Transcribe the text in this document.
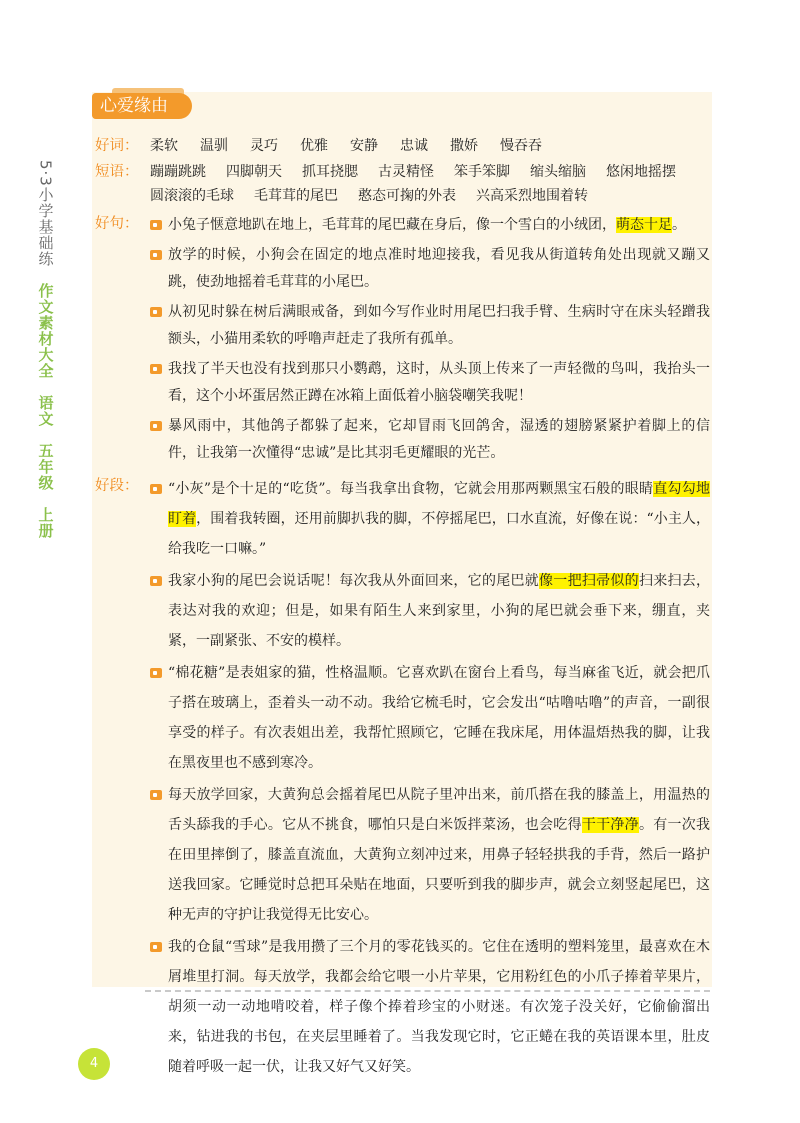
5·3小学基础练
作文素材大全
语文
五年级
上册
心爱缘由
好词： 柔软 温驯 灵巧 优雅 安静 忠诚 撒娇 慢吞吞
短语： 蹦蹦跳跳 四脚朝天 抓耳挠腮 古灵精怪 笨手笨脚 缩头缩脑 悠闲地摇摆
圆滚滚的毛球 毛茸茸的尾巴 憨态可掬的外表 兴高采烈地围着转
好句：	小兔子惬意地趴在地上，毛茸茸的尾巴藏在身后，像一个雪白的小绒团，萌态十足。
放学的时候，小狗会在固定的地点准时地迎接我，看见我从街道转角处出现就又蹦又跳，使劲地摇着毛茸茸的小尾巴。
从初见时躲在树后满眼戒备，到如今写作业时用尾巴扫我手臂、生病时守在床头轻蹭我额头，小猫用柔软的呼噜声赶走了我所有孤单。
我找了半天也没有找到那只小鹦鹉，这时，从头顶上传来了一声轻微的鸟叫，我抬头一看，这个小坏蛋居然正蹲在冰箱上面低着小脑袋嘲笑我呢！
暴风雨中，其他鸽子都躲了起来，它却冒雨飞回鸽舍，湿透的翅膀紧紧护着脚上的信件，让我第一次懂得“忠诚”是比其羽毛更耀眼的光芒。
好段：	“小灰”是个十足的“吃货”。每当我拿出食物，它就会用那两颗黑宝石般的眼睛直勾勾地盯着，围着我转圈，还用前脚扒我的脚，不停摇尾巴，口水直流，好像在说：“小主人，给我吃一口嘛。”
我家小狗的尾巴会说话呢！每次我从外面回来，它的尾巴就像一把扫帚似的扫来扫去，表达对我的欢迎；但是，如果有陌生人来到家里，小狗的尾巴就会垂下来，绷直，夹紧，一副紧张、不安的模样。
“棉花糖”是表姐家的猫，性格温顺。它喜欢趴在窗台上看鸟，每当麻雀飞近，就会把爪子搭在玻璃上，歪着头一动不动。我给它梳毛时，它会发出“咕噜咕噜”的声音，一副很享受的样子。有次表姐出差，我帮忙照顾它，它睡在我床尾，用体温焐热我的脚，让我在黑夜里也不感到寒冷。
每天放学回家，大黄狗总会摇着尾巴从院子里冲出来，前爪搭在我的膝盖上，用温热的舌头舔我的手心。它从不挑食，哪怕只是白米饭拌菜汤，也会吃得干干净净。有一次我在田里摔倒了，膝盖直流血，大黄狗立刻冲过来，用鼻子轻轻拱我的手背，然后一路护送我回家。它睡觉时总把耳朵贴在地面，只要听到我的脚步声，就会立刻竖起尾巴，这种无声的守护让我觉得无比安心。
我的仓鼠“雪球”是我用攒了三个月的零花钱买的。它住在透明的塑料笼里，最喜欢在木屑堆里打洞。每天放学，我都会给它喂一小片苹果，它用粉红色的小爪子捧着苹果片，胡须一动一动地啃咬着，样子像个捧着珍宝的小财迷。有次笼子没关好，它偷偷溜出来，钻进我的书包，在夹层里睡着了。当我发现它时，它正蜷在我的英语课本里，肚皮随着呼吸一起一伏，让我又好气又好笑。
4
